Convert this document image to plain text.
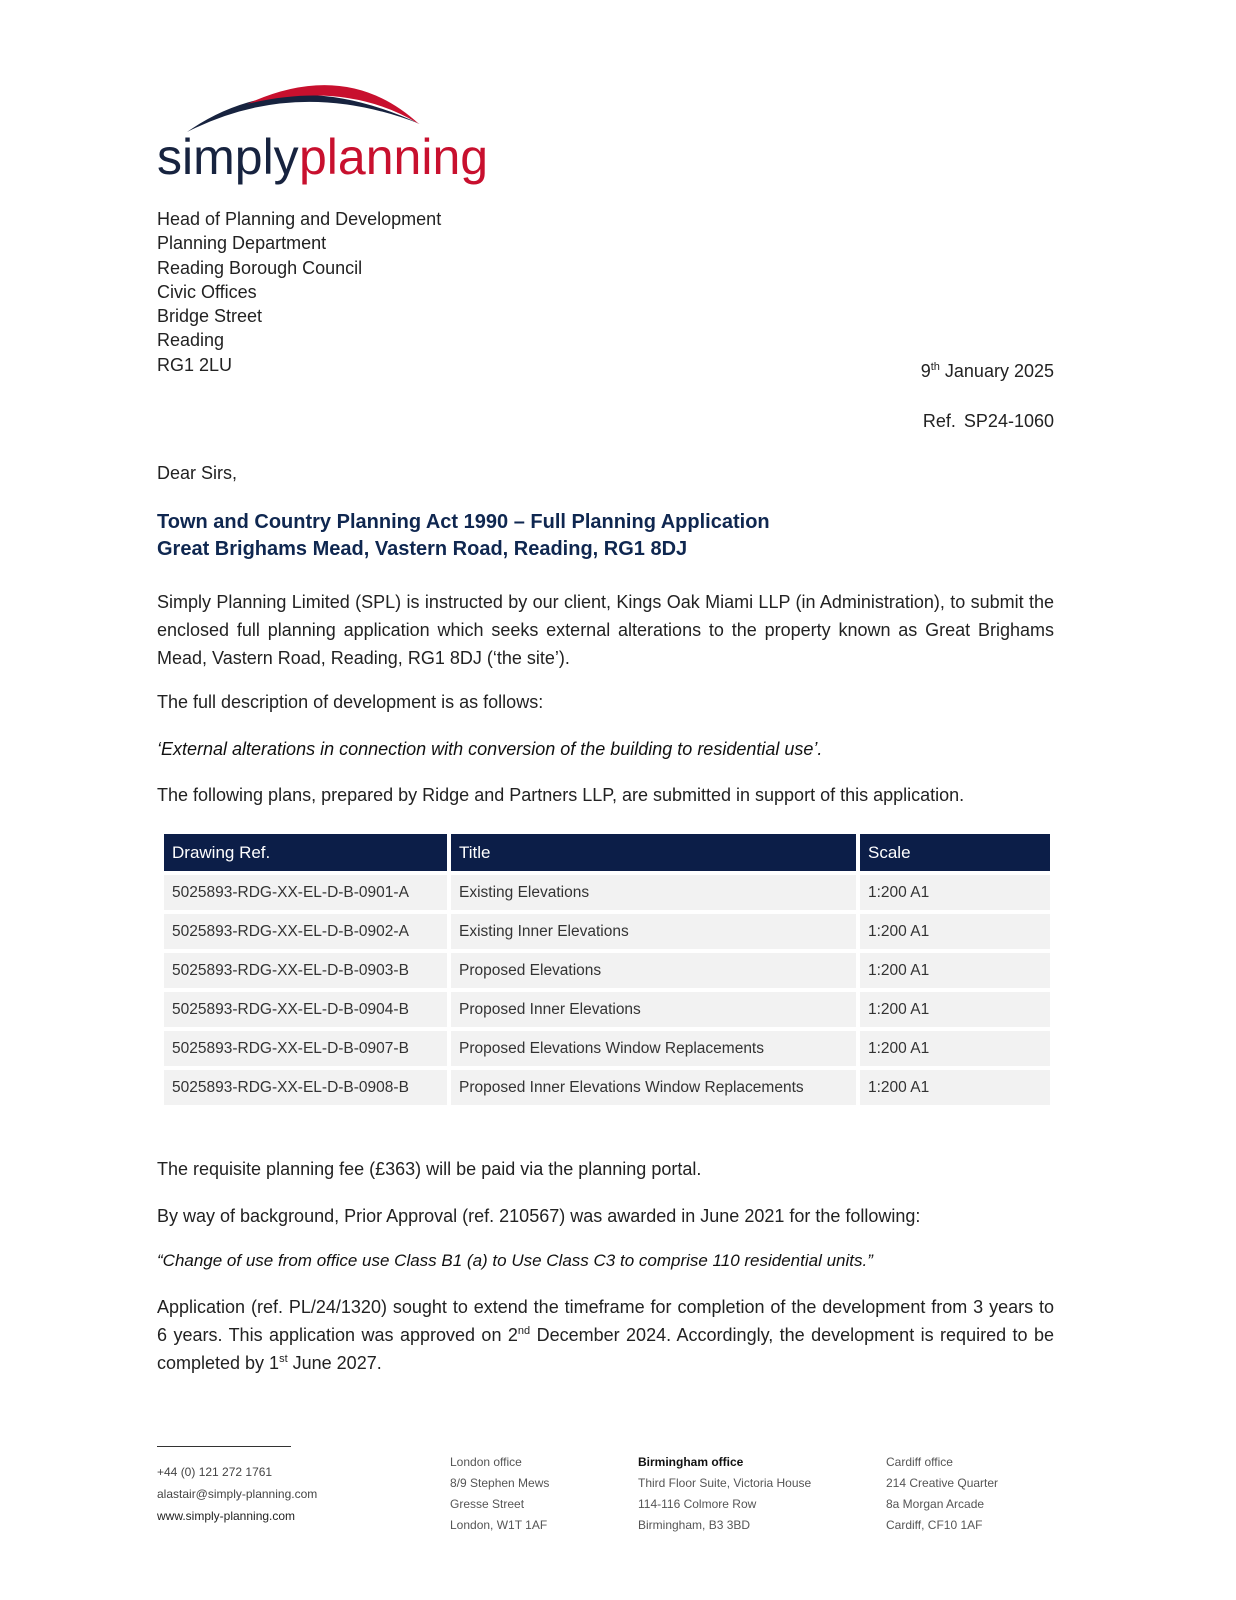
simply planning
Head of Planning and Development
Planning Department
Reading Borough Council
Civic Offices
Bridge Street
Reading
RG1 2LU	9th January 2025
Ref. SP24-1060
Dear Sirs,
Town and Country Planning Act 1990 – Full Planning Application
Great Brighams Mead, Vastern Road, Reading, RG1 8DJ
Simply Planning Limited (SPL) is instructed by our client, Kings Oak Miami LLP (in Administration), to submit the enclosed full planning application which seeks external alterations to the property known as Great Brighams Mead, Vastern Road, Reading, RG1 8DJ (‘the site’).
The full description of development is as follows:
‘External alterations in connection with conversion of the building to residential use’.
The following plans, prepared by Ridge and Partners LLP, are submitted in support of this application.
Drawing Ref.	Title	Scale
5025893-RDG-XX-EL-D-B-0901-A	Existing Elevations	1:200 A1
5025893-RDG-XX-EL-D-B-0902-A	Existing Inner Elevations	1:200 A1
5025893-RDG-XX-EL-D-B-0903-B	Proposed Elevations	1:200 A1
5025893-RDG-XX-EL-D-B-0904-B	Proposed Inner Elevations	1:200 A1
5025893-RDG-XX-EL-D-B-0907-B	Proposed Elevations Window Replacements	1:200 A1
5025893-RDG-XX-EL-D-B-0908-B	Proposed Inner Elevations Window Replacements	1:200 A1
The requisite planning fee (£363) will be paid via the planning portal.
By way of background, Prior Approval (ref. 210567) was awarded in June 2021 for the following:
“Change of use from office use Class B1 (a) to Use Class C3 to comprise 110 residential units.”
Application (ref. PL/24/1320) sought to extend the timeframe for completion of the development from 3 years to 6 years. This application was approved on 2nd December 2024. Accordingly, the development is required to be completed by 1st June 2027.
+44 (0) 121 272 1761
alastair@simply-planning.com
www.simply-planning.com
London office
8/9 Stephen Mews
Gresse Street
London, W1T 1AF
Birmingham office
Third Floor Suite, Victoria House
114-116 Colmore Row
Birmingham, B3 3BD
Cardiff office
214 Creative Quarter
8a Morgan Arcade
Cardiff, CF10 1AF
